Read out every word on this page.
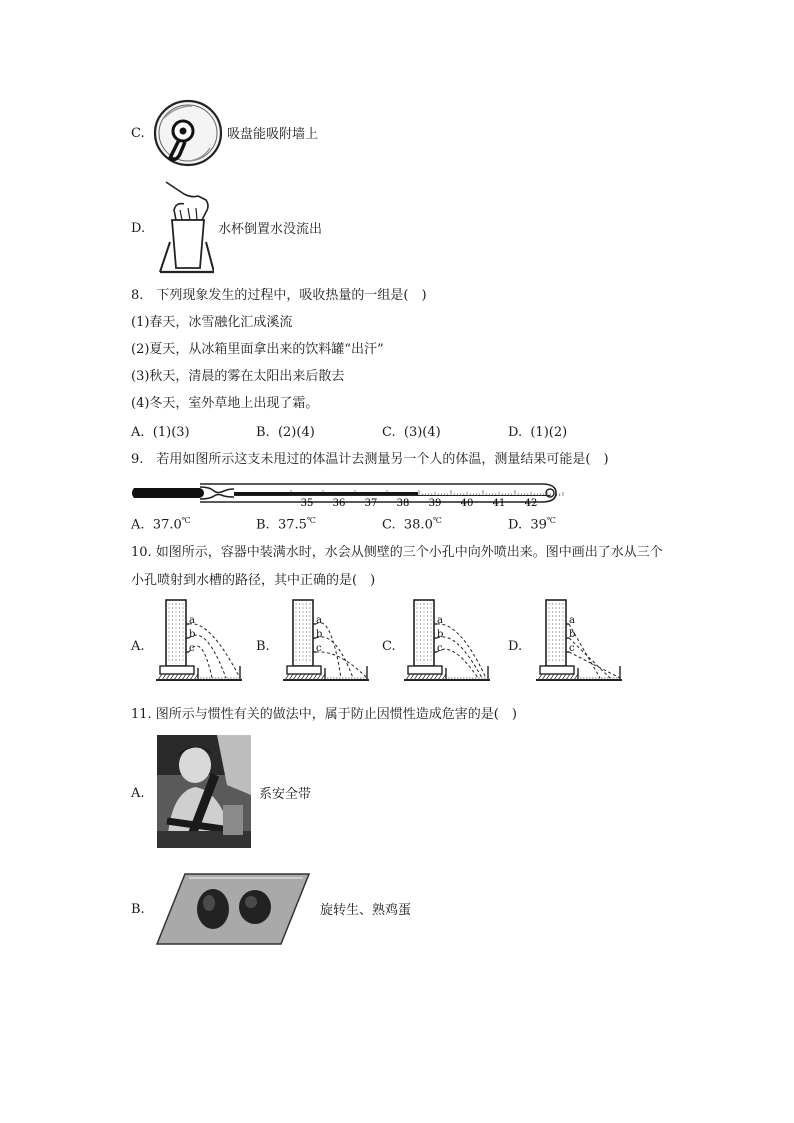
C.	吸盘能吸附墙上
D.	水杯倒置水没流出
8.　下列现象发生的过程中，吸收热量的一组是(　)
(1)春天，冰雪融化汇成溪流
(2)夏天，从冰箱里面拿出来的饮料罐“出汗”
(3)秋天，清晨的雾在太阳出来后散去
(4)冬天，室外草地上出现了霜。
A. (1)(3)	B. (2)(4)	C. (3)(4)	D. (1)(2)
9.　若用如图所示这支未甩过的体温计去测量另一个人的体温，测量结果可能是(　)
35 36 37 38 39 40 41 42
A. 37.0℃	B. 37.5℃	C. 38.0℃	D. 39℃
10. 如图所示，容器中装满水时，水会从侧壁的三个小孔中向外喷出来。图中画出了水从三个
小孔喷射到水槽的路径，其中正确的是(　)
A.	B.	C.	D.
a
b
c
a
b
c
a
b
c
a
b
c
11. 图所示与惯性有关的做法中，属于防止因惯性造成危害的是(　)
A.	系安全带
B.	旋转生、熟鸡蛋
